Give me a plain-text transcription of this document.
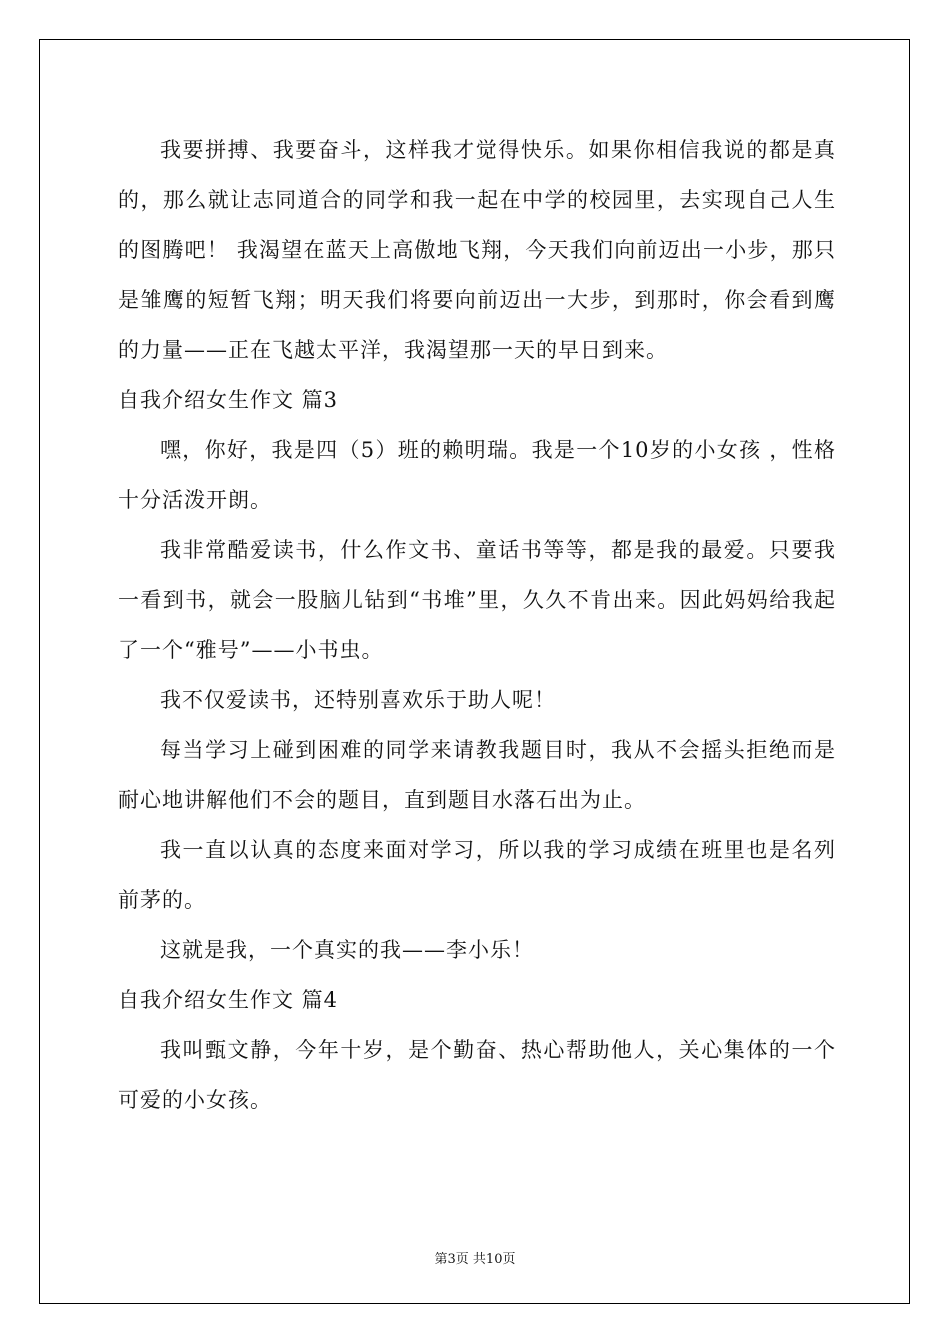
我要拼搏、我要奋斗，这样我才觉得快乐。如果你相信我说的都是真的，那么就让志同道合的同学和我一起在中学的校园里，去实现自己人生的图腾吧！ 我渴望在蓝天上高傲地飞翔，今天我们向前迈出一小步，那只是雏鹰的短暂飞翔；明天我们将要向前迈出一大步，到那时，你会看到鹰的力量——正在飞越太平洋，我渴望那一天的早日到来。

自我介绍女生作文 篇3

嘿，你好，我是四（5）班的赖明瑞。我是一个10岁的小女孩 ，性格十分活泼开朗。

我非常酷爱读书，什么作文书、童话书等等，都是我的最爱。只要我一看到书，就会一股脑儿钻到“书堆”里，久久不肯出来。因此妈妈给我起了一个“雅号”——小书虫。

我不仅爱读书，还特别喜欢乐于助人呢！

每当学习上碰到困难的同学来请教我题目时，我从不会摇头拒绝而是耐心地讲解他们不会的题目，直到题目水落石出为止。

我一直以认真的态度来面对学习，所以我的学习成绩在班里也是名列前茅的。

这就是我，一个真实的我——李小乐！

自我介绍女生作文 篇4

我叫甄文静，今年十岁，是个勤奋、热心帮助他人，关心集体的一个可爱的小女孩。

第3页 共10页
